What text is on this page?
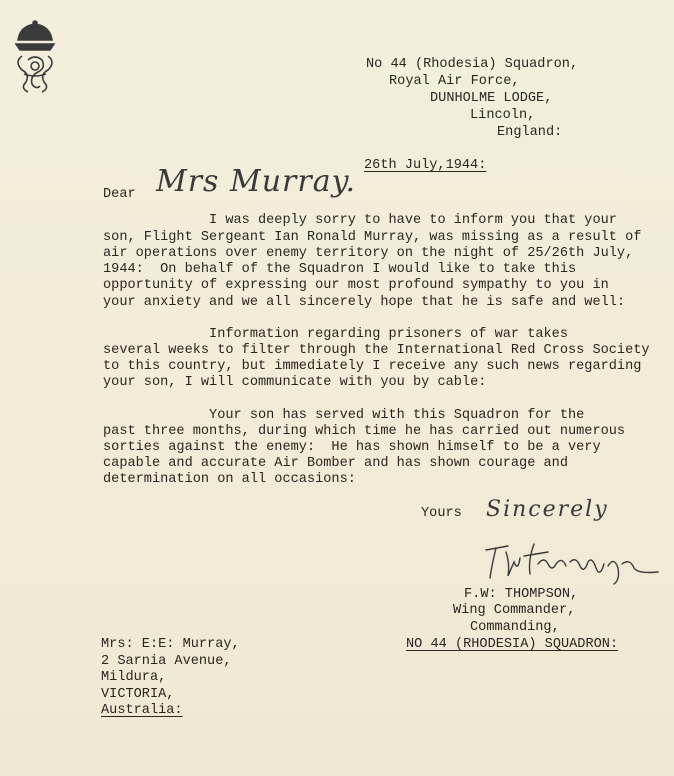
No 44 (Rhodesia) Squadron,
Royal Air Force,
DUNHOLME LODGE,
Lincoln,
England:
26th July,1944:
Dear Mrs Murray.
I was deeply sorry to have to inform you that your
son, Flight Sergeant Ian Ronald Murray, was missing as a result of
air operations over enemy territory on the night of 25/26th July,
1944:  On behalf of the Squadron I would like to take this
opportunity of expressing our most profound sympathy to you in
your anxiety and we all sincerely hope that he is safe and well:
Information regarding prisoners of war takes
several weeks to filter through the International Red Cross Society
to this country, but immediately I receive any such news regarding
your son, I will communicate with you by cable:
Your son has served with this Squadron for the
past three months, during which time he has carried out numerous
sorties against the enemy:  He has shown himself to be a very
capable and accurate Air Bomber and has shown courage and
determination on all occasions:
Yours Sincerely
F.W: THOMPSON,
Wing Commander,
Commanding,
NO 44 (RHODESIA) SQUADRON:
Mrs: E:E: Murray,
2 Sarnia Avenue,
Mildura,
VICTORIA,
Australia:
